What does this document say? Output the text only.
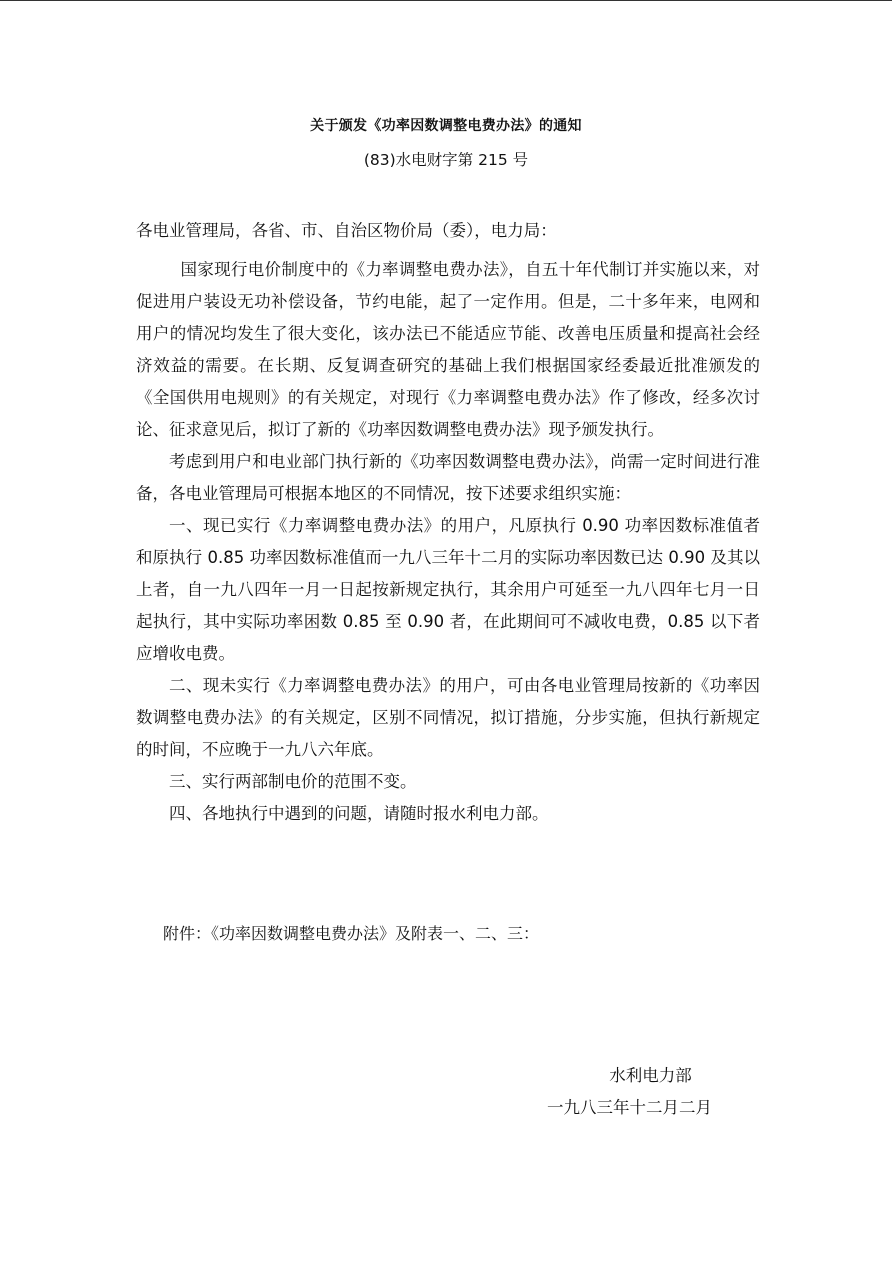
关于颁发《功率因数调整电费办法》的通知
(83)水电财字第 215 号
各电业管理局，各省、市、自治区物价局（委），电力局：

国家现行电价制度中的《力率调整电费办法》，自五十年代制订并实施以来，对促进用户装设无功补偿设备，节约电能，起了一定作用。但是，二十多年来，电网和用户的情况均发生了很大变化，该办法已不能适应节能、改善电压质量和提高社会经济效益的需要。在长期、反复调查研究的基础上我们根据国家经委最近批准颁发的《全国供用电规则》的有关规定，对现行《力率调整电费办法》作了修改，经多次讨论、征求意见后，拟订了新的《功率因数调整电费办法》现予颁发执行。

考虑到用户和电业部门执行新的《功率因数调整电费办法》，尚需一定时间进行准备，各电业管理局可根据本地区的不同情况，按下述要求组织实施：

一、现已实行《力率调整电费办法》的用户，凡原执行 0.90 功率因数标准值者和原执行 0.85 功率因数标准值而一九八三年十二月的实际功率因数已达 0.90 及其以上者，自一九八四年一月一日起按新规定执行，其余用户可延至一九八四年七月一日起执行，其中实际功率困数 0.85 至 0.90 者，在此期间可不减收电费，0.85 以下者应增收电费。

二、现未实行《力率调整电费办法》的用户，可由各电业管理局按新的《功率因数调整电费办法》的有关规定，区别不同情况，拟订措施，分步实施，但执行新规定的时间，不应晚于一九八六年底。

三、实行两部制电价的范围不变。

四、各地执行中遇到的问题，请随时报水利电力部。

附件：《功率因数调整电费办法》及附表一、二、三：
水利电力部
一九八三年十二月二月
